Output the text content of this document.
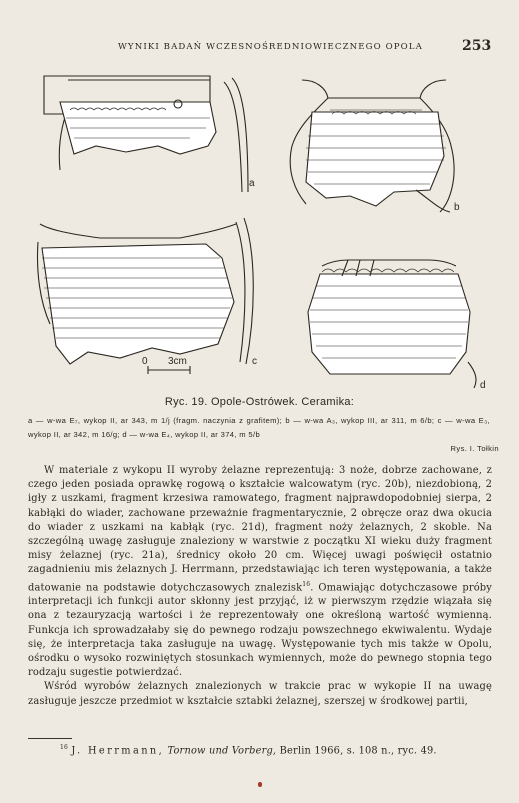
WYNIKI BADAŃ WCZESNOŚREDNIOWIECZNEGO OPOLA	253
a
b
0 3cm	c
d
Ryc. 19. Opole-Ostrówek. Ceramika:
a — w-wa E₇, wykop II, ar 343, m 1/j (fragm. naczynia z grafitem); b — w-wa A₃, wykop III, ar 311, m 6/b; c — w-wa E₃, wykop II, ar 342, m 16/g; d — w-wa E₄, wykop II, ar 374, m 5/b
Rys. I. Tołkin

W materiale z wykopu II wyroby żelazne reprezentują: 3 noże, dobrze zachowane, z czego jeden posiada oprawkę rogową o kształcie walcowatym (ryc. 20b), niezdobioną, 2 igły z uszkami, fragment krzesiwa ramowatego, fragment najprawdopodobniej sierpa, 2 kabłąki do wiader, zachowane przeważnie fragmentarycznie, 2 obręcze oraz dwa okucia do wiader z uszkami na kabłąk (ryc. 21d), fragment noży żelaznych, 2 skoble. Na szczególną uwagę zasługuje znaleziony w warstwie z początku XI wieku duży fragment misy żelaznej (ryc. 21a), średnicy około 20 cm. Więcej uwagi poświęcił ostatnio zagadnieniu mis żelaznych J. Herrmann, przedstawiając ich teren występowania, a także datowanie na podstawie dotychczasowych znalezisk$^{16}$. Omawiając dotychczasowe próby interpretacji ich funkcji autor skłonny jest przyjąć, iż w pierwszym rzędzie wiązała się ona z tezauryzacją wartości i że reprezentowały one określoną wartość wymienną. Funkcja ich sprowadzałaby się do pewnego rodzaju powszechnego ekwiwalentu. Wydaje się, że interpretacja taka zasługuje na uwagę. Występowanie tych mis także w Opolu, ośrodku o wysoko rozwiniętych stosunkach wymiennych, może do pewnego stopnia tego rodzaju sugestie potwierdzać.

Wśród wyrobów żelaznych znalezionych w trakcie prac w wykopie II na uwagę zasługuje jeszcze przedmiot w kształcie sztabki żelaznej, szerszej w środkowej partii,

$^{16}$ J. Herrmann, Tornow und Vorberg, Berlin 1966, s. 108 n., ryc. 49.
